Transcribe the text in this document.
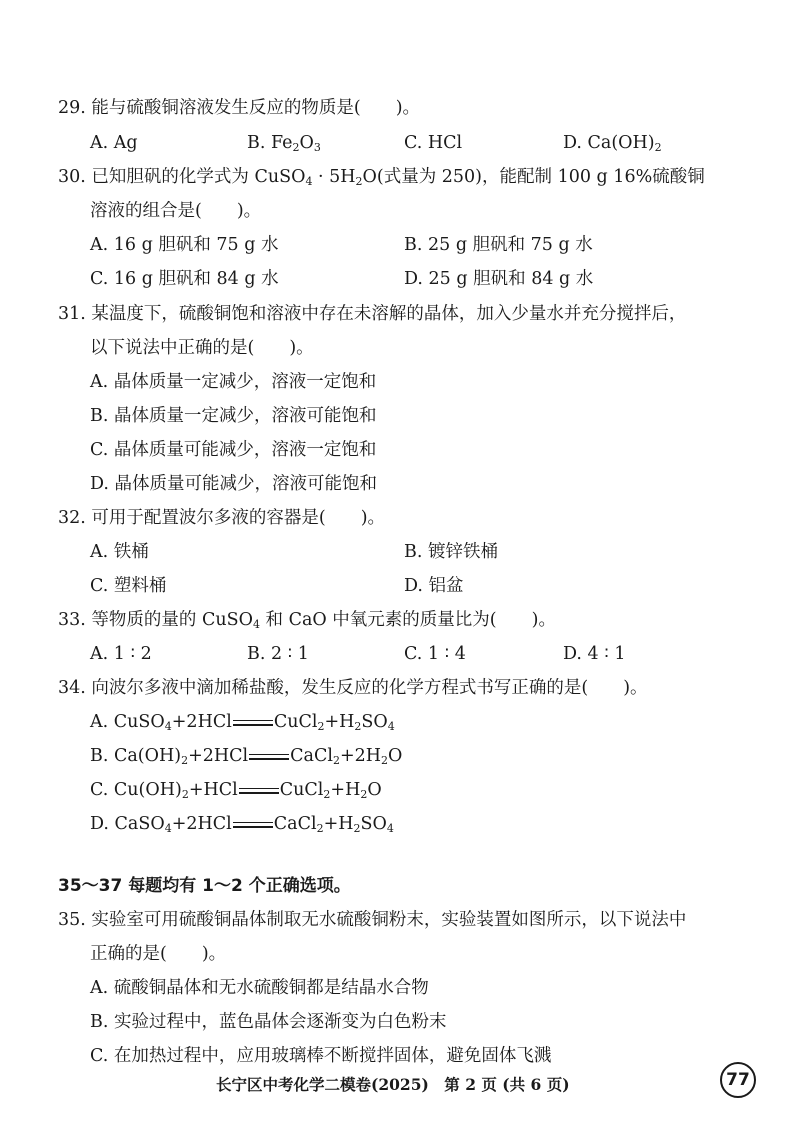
29. 能与硫酸铜溶液发生反应的物质是(　　)。
A. Ag	B. $Fe_2O_3$	C. HCl	D. $Ca(OH)_2$
30. 已知胆矾的化学式为 CuSO$_4$ · $5H_2O$(式量为 250)，能配制 100 g 16%硫酸铜
溶液的组合是(　　)。
A. 16 g 胆矾和 75 g 水	B. 25 g 胆矾和 75 g 水
C. 16 g 胆矾和 84 g 水	D. 25 g 胆矾和 84 g 水
31. 某温度下，硫酸铜饱和溶液中存在未溶解的晶体，加入少量水并充分搅拌后，
以下说法中正确的是(　　)。
A. 晶体质量一定减少，溶液一定饱和
B. 晶体质量一定减少，溶液可能饱和
C. 晶体质量可能减少，溶液一定饱和
D. 晶体质量可能减少，溶液可能饱和
32. 可用于配置波尔多液的容器是(　　)。
A. 铁桶	B. 镀锌铁桶
C. 塑料桶	D. 铝盆
33. 等物质的量的 CuSO$_4$ 和 CaO 中氧元素的质量比为(　　)。
A. 1 ∶ 2	B. 2 ∶ 1	C. 1 ∶ 4	D. 4 ∶ 1
34. 向波尔多液中滴加稀盐酸，发生反应的化学方程式书写正确的是(　　)。
A. CuSO$_4$+2HCl $CuCl_2+H_2SO_4$
B. $Ca(OH)_2+2HCl$ $CaCl_2+2H_2O$
C. $Cu(OH)_2+HCl$ $CuCl_2+H_2O$
D. CaSO$_4$+2HCl $CaCl_2+H_2SO_4$
35～37 每题均有 1～2 个正确选项。
35. 实验室可用硫酸铜晶体制取无水硫酸铜粉末，实验装置如图所示，以下说法中
正确的是(　　)。
A. 硫酸铜晶体和无水硫酸铜都是结晶水合物
B. 实验过程中，蓝色晶体会逐渐变为白色粉末
C. 在加热过程中，应用玻璃棒不断搅拌固体，避免固体飞溅
长宁区中考化学二模卷(2025)　第 2 页 (共 6 页)	77
